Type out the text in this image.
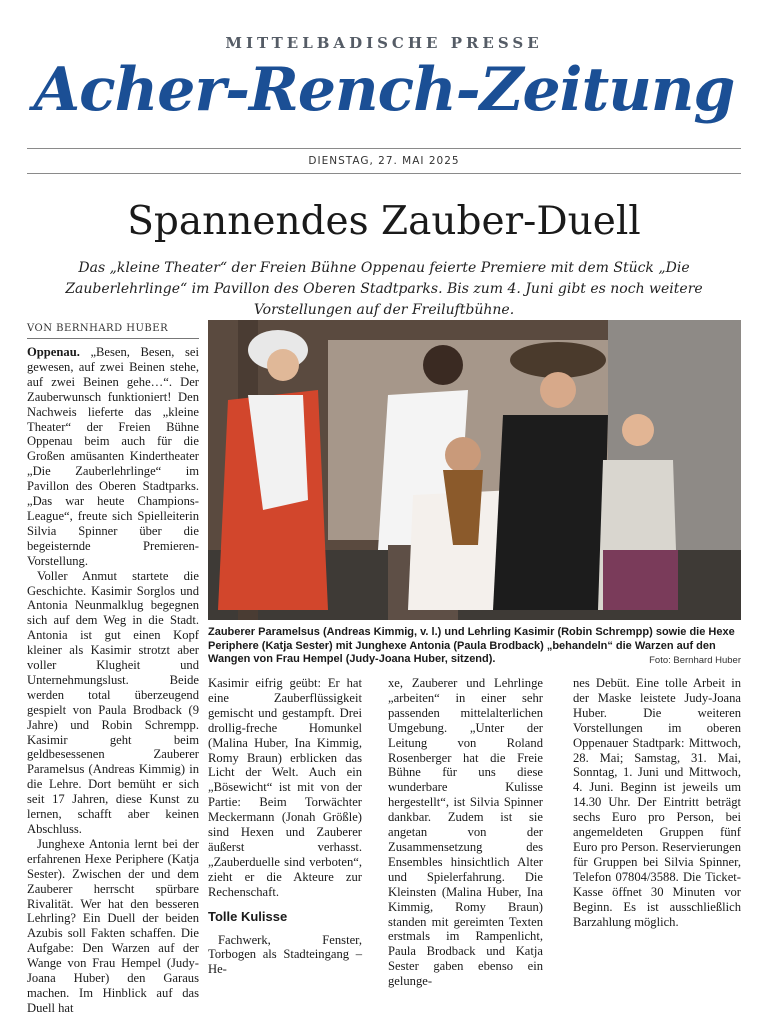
MITTELBADISCHE PRESSE
Acher-Rench-Zeitung
DIENSTAG, 27. MAI 2025
Spannendes Zauber-Duell
Das „kleine Theater“ der Freien Bühne Oppenau feierte Premiere mit dem Stück „Die Zauberlehrlinge“ im Pavillon des Oberen Stadtparks. Bis zum 4. Juni gibt es noch weitere Vorstellungen auf der Freiluftbühne.
VON BERNHARD HUBER

Oppenau. „Besen, Besen, sei gewesen, auf zwei Beinen stehe, auf zwei Beinen gehe…“. Der Zauberwunsch funktioniert! Den Nachweis lieferte das „kleine Theater“ der Freien Bühne Oppenau beim auch für die Großen amüsanten Kindertheater „Die Zauberlehrlinge“ im Pavillon des Oberen Stadtparks. „Das war heute Champions-League“, freute sich Spielleiterin Silvia Spinner über die begeisternde Premieren-Vorstellung.

Voller Anmut startete die Geschichte. Kasimir Sorglos und Antonia Neunmalklug begegnen sich auf dem Weg in die Stadt. Antonia ist gut einen Kopf kleiner als Kasimir strotzt aber voller Klugheit und Unternehmungslust. Beide werden total überzeugend gespielt von Paula Brodback (9 Jahre) und Robin Schrempp. Kasimir geht beim geldbesessenen Zauberer Paramelsus (Andreas Kimmig) in die Lehre. Dort bemüht er sich seit 17 Jahren, diese Kunst zu lernen, schafft aber keinen Abschluss.

Junghexe Antonia lernt bei der erfahrenen Hexe Periphere (Katja Sester). Zwischen der und dem Zauberer herrscht spürbare Rivalität. Wer hat den besseren Lehrling? Ein Duell der beiden Azubis soll Fakten schaffen. Die Aufgabe: Den Warzen auf der Wange von Frau Hempel (Judy-Joana Huber) den Garaus machen. Im Hinblick auf das Duell hat

Zauberer Paramelsus (Andreas Kimmig, v. l.) und Lehrling Kasimir (Robin Schrempp) sowie die Hexe Periphere (Katja Sester) mit Junghexe Antonia (Paula Brodback) „behandeln“ die Warzen auf den Wangen von Frau Hempel (Judy-Joana Huber, sitzend).	Foto: Bernhard Huber

Kasimir eifrig geübt: Er hat eine Zauberflüssigkeit gemischt und gestampft. Drei drollig-freche Homunkel (Malina Huber, Ina Kimmig, Romy Braun) erblicken das Licht der Welt. Auch ein „Bösewicht“ ist mit von der Partie: Beim Torwächter Meckermann (Jonah Größle) sind Hexen und Zauberer äußerst verhasst. „Zauberduelle sind verboten“, zieht er die Akteure zur Rechenschaft.

Tolle Kulisse

Fachwerk, Fenster, Torbogen als Stadteingang – He-

xe, Zauberer und Lehrlinge „arbeiten“ in einer sehr passenden mittelalterlichen Umgebung. „Unter der Leitung von Roland Rosenberger hat die Freie Bühne für uns diese wunderbare Kulisse hergestellt“, ist Silvia Spinner dankbar. Zudem ist sie angetan von der Zusammensetzung des Ensembles hinsichtlich Alter und Spielerfahrung. Die Kleinsten (Malina Huber, Ina Kimmig, Romy Braun) standen mit gereimten Texten erstmals im Rampenlicht, Paula Brodback und Katja Sester gaben ebenso ein gelunge-

nes Debüt. Eine tolle Arbeit in der Maske leistete Judy-Joana Huber. Die weiteren Vorstellungen im oberen Oppenauer Stadtpark: Mittwoch, 28. Mai; Samstag, 31. Mai, Sonntag, 1. Juni und Mittwoch, 4. Juni. Beginn ist jeweils um 14.30 Uhr. Der Eintritt beträgt sechs Euro pro Person, bei angemeldeten Gruppen fünf Euro pro Person. Reservierungen für Gruppen bei Silvia Spinner, Telefon 07804/3588. Die Ticket-Kasse öffnet 30 Minuten vor Beginn. Es ist ausschließlich Barzahlung möglich.
